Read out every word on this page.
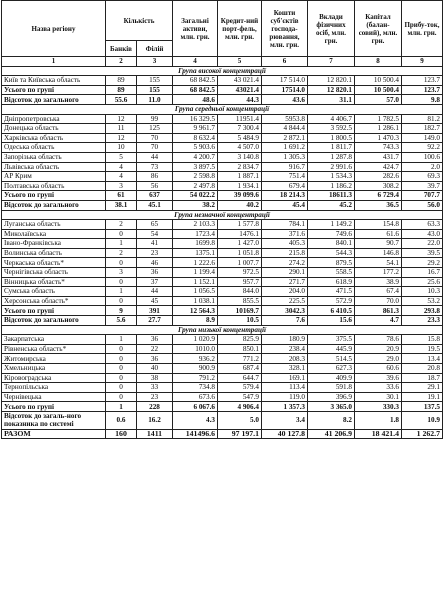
Назва регіону	Кількість		Загальні активи, млн. грн.	Кредит-ний порт-фель, млн. грн.	Кошти суб'єктів господа-рювання, млн. грн.	Вклади фізичних осіб, млн. грн.	Капітал (балан-совий), млн. грн.	Прибу-ток, млн. грн.
	Банків	Філій						
1	2	3	4	5	6	7	8	9
Група високої концентрації								
Київ та Київська область	89	155	68 842.5	43 021.4	17 514.0	12 820.1	10 500.4	123.7
Усього по групі	89	155	68 842.5	43021.4	17514.0	12 820.1	10 500.4	123.7
Відсоток до загального	55.6	11.0	48.6	44.3	43.6	31.1	57.0	9.8
Група середньої концентрації								
Дніпропетровська	12	99	16 329.5	11951.4	5953.8	4 406.7	1 782.5	81.2
Донецька область	11	125	9 961.7	7 300.4	4 844.4	3 592.5	1 286.1	182.7
Харківська область	12	70	8 632.4	5 484.9	2 872.1	1 800.5	1 470.3	149.0
Одеська область	10	70	5 903.6	4 507.0	1 691.2	1 811.7	743.3	92.2
Запорізька область	5	44	4 200.7	3 140.8	1 305.3	1 287.8	431.7	100.6
Львівська область	4	73	3 897.5	2 834.7	916.7	2 991.6	424.7	2.0
АР Крим	4	86	2 598.8	1 887.1	751.4	1 534.3	282.6	69.3
Полтавська область	3	56	2 497.8	1 934.1	679.4	1 186.2	308.2	39.7
Усього по групі	61	637	54 022.2	39 099.6	18 214.3	18611.3	6 729.4	707.7
Відсоток до загального	38.1	45.1	38.2	40.2	45.4	45.2	36.5	56.0
Група незначної концентрації								
Луганська область	2	65	2 103.3	1 577.8	784.1	1 149.2	154.8	63.3
Миколаївська	0	54	1723.4	1476.1	371.6	749.6	61.6	43.0
Івано-Франківська	1	41	1699.8	1 427.0	405.3	840.1	90.7	22.0
Волинська область	2	23	1375.1	1 051.8	215.8	544.3	146.8	39.5
Черкаська область*	0	46	1 222.6	1 007.7	274.2	879.5	54.1	29.2
Чернігівська область	3	36	1 199.4	972.5	290.1	558.5	177.2	16.7
Вінницька область*	0	37	1 152.1	957.7	271.7	618.9	38.9	25.6
Сумська область	1	44	1 056.5	844.0	204.0	471.5	67.4	10.3
Херсонська область*	0	45	1 038.1	855.5	225.5	572.9	70.0	53.2
Усього по групі	9	391	12 564.3	10169.7	3042.3	6 410.5	861.3	293.8
Відсоток до загального	5.6	27.7	8.9	10.5	7.6	15.6	4.7	23.3
Група низької концентрації								
Закарпатська	1	36	1 020.9	825.9	180.9	375.5	78.6	15.8
Рівненська область*	0	22	1010.0	850.1	238.4	445.9	20.9	19.5
Житомирська	0	36	936.2	771.2	208.3	514.5	29.0	13.4
Хмельницька	0	40	900.9	687.4	328.1	627.3	60.6	20.8
Кіровоградська	0	38	791.2	644.7	169.1	409.9	39.6	18.7
Тернопільська	0	33	734.8	579.4	113.4	591.8	33.6	29.1
Чернівецька	0	23	673.6	547.9	119.0	396.9	30.1	19.1
Усього по групі	1	228	6 067.6	4 906.4	1 357.3	3 365.0	330.3	137.5
Відсоток до загаль-ного показника по системі	0.6	16.2	4.3	5.0	3.4	8.2	1.8	10.9
РАЗОМ	160	1411	141496.6	97 197.1	40 127.8	41 206.9	18 421.4	1 262.7
